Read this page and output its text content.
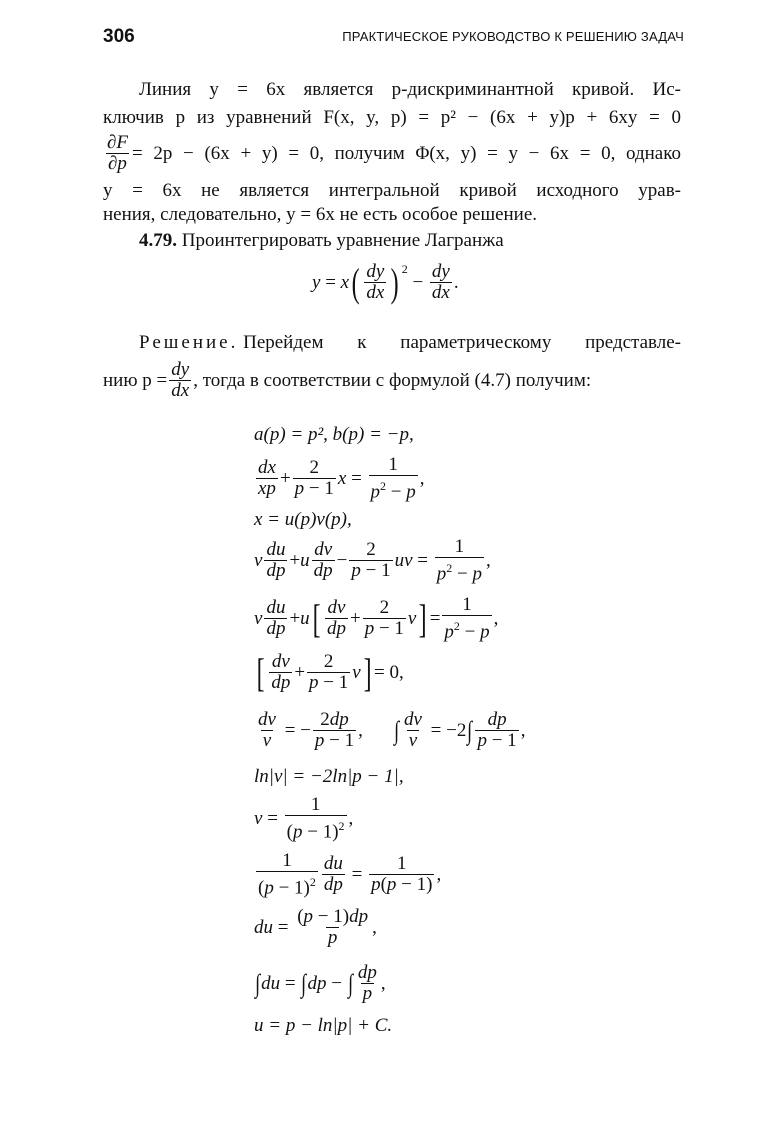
306	ПРАКТИЧЕСКОЕ РУКОВОДСТВО К РЕШЕНИЮ ЗАДАЧ
Линия y = 6x является p-дискриминантной кривой. Ис-
ключив p из уравнений F(x, y, p) = p² − (6x + y)p + 6xy = 0
$\frac{\partial F}{\partial p} = 2p - (6x + y) = 0$, получим Φ(x, y) = y − 6x = 0, однако
y = 6x не является интегральной кривой исходного урав-
нения, следовательно, y = 6x не есть особое решение.
4.79. Проинтегрировать уравнение Лагранжа
y = x ( $\frac{dy}{dx} )^2$
− $\frac{dy}{dx}$ .
Решение.
Перейдем к параметрическому представле-
нию $p = \frac{dy}{dx}$ , тогда в соответствии с формулой (4.7) получим:
a(p) = p², b(p) = −p,
$\frac{dx}{xp} + \frac{2}{p - 1}$ $x = \frac{1}{p^2 - p}$ ,
x = u(p)v(p),
v $\frac{du}{dp} + u \frac{dv}{dp} - \frac{2}{p - 1}$ uv = $\frac{1}{p^2 - p}$ ,
v $\frac{du}{dp} + u$ [ $\frac{dv}{dp} + \frac{2}{p - 1}$ v ] = $\frac{1}{p^2 - p}$ ,
[ $\frac{dv}{dp} + \frac{2}{p - 1}$ v ] = 0,
$\frac{dv}{v}$ = − $\frac{2dp}{p - 1}$ , ∫ $\frac{dv}{v} = -2$ ∫ $\frac{dp}{p - 1}$ ,
ln|v| = −2ln|p − 1|,
$v = \frac{1}{(p - 1)^2}$ ,
$\frac{1}{(p - 1)^2} \frac{du}{dp} = \frac{1}{p(p - 1)}$ ,
du = $\frac{(p - 1)dp}{p}$ ,
∫ du = ∫ dp − ∫ $\frac{dp}{p}$ ,
u = p − ln|p| + C.
